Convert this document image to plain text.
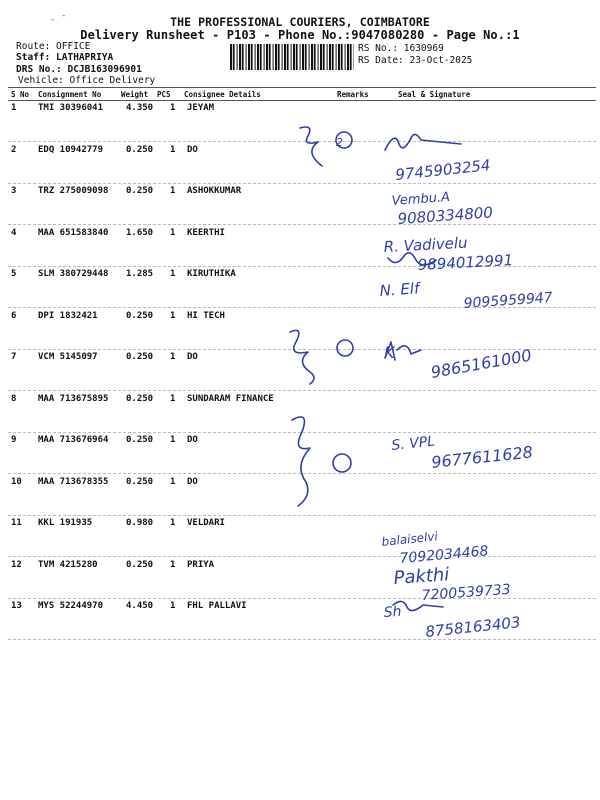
- ¯	THE PROFESSIONAL COURIERS, COIMBATORE
Delivery Runsheet - P103 - Phone No.:9047080280 - Page No.:1
Route: OFFICE
Staff: LATHAPRIYA
DRS No.: DCJB163096901
Vehicle: Office Delivery
RS No.: 1630969
RS Date: 23-Oct-2025
S No Consignment No	Weight PCS Consignee Details	Remarks	Seal & Signature
1 TMI 30396041	4.350 1 JEYAM
2 EDQ 10942779	0.250 1 DO
3 TRZ 275009098 0.250 1 ASHOKKUMAR
4 MAA 651583840 1.650 1 KEERTHI
5 SLM 380729448 1.285 1 KIRUTHIKA
6 DPI 1832421	0.250 1 HI TECH
7 VCM 5145097	0.250 1 DO
8 MAA 713675895 0.250 1 SUNDARAM FINANCE
9 MAA 713676964 0.250 1 DO
10 MAA 713678355 0.250 1 DO
11 KKL 191935	0.980 1 VELDARI
12 TVM 4215280	0.250 1 PRIYA
13 MYS 52244970	4.450 1 FHL PALLAVI
2
9745903254
Vembu.A
9080334800
R. Vadivelu
9894012991
N. Elf
9095959947
K 9865161000
S. VPL
9677611628
balaiselvi
7092034468
Pakthi
7200539733
Sh
8758163403
